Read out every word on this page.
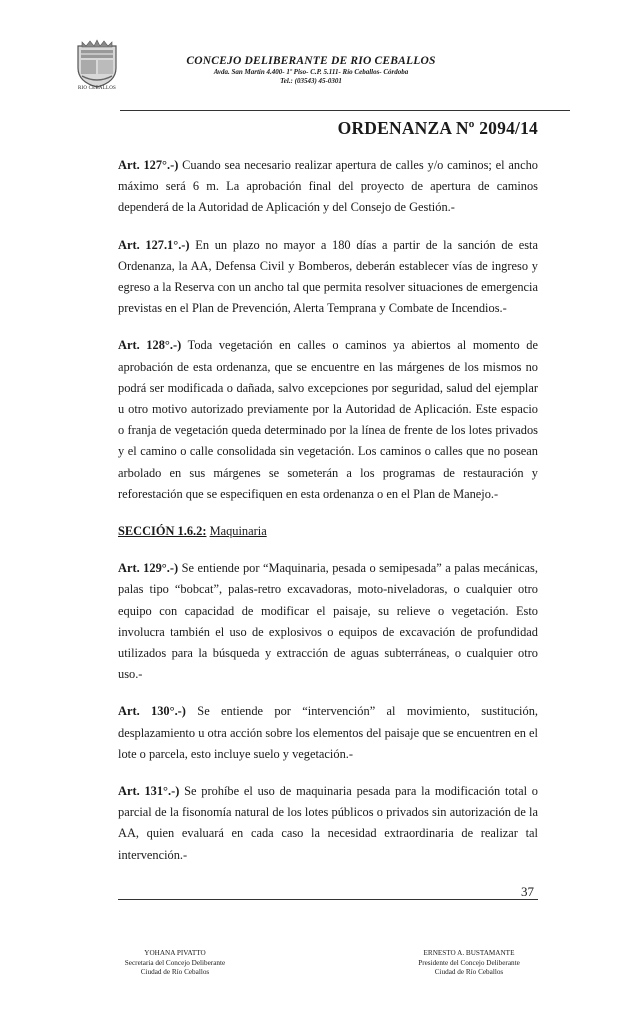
RIO CEBALLOS
CONCEJO DELIBERANTE DE RIO CEBALLOS
Avda. San Martín 4.400- 1º Piso- C.P. 5.111- Río Ceballos- Córdoba
Tel.: (03543) 45-0301
ORDENANZA Nº 2094/14

Art. 127°.-) Cuando sea necesario realizar apertura de calles y/o caminos; el ancho máximo será 6 m. La aprobación final del proyecto de apertura de caminos dependerá de la Autoridad de Aplicación y del Consejo de Gestión.-

Art. 127.1°.-) En un plazo no mayor a 180 días a partir de la sanción de esta Ordenanza, la AA, Defensa Civil y Bomberos, deberán establecer vías de ingreso y egreso a la Reserva con un ancho tal que permita resolver situaciones de emergencia previstas en el Plan de Prevención, Alerta Temprana y Combate de Incendios.-

Art. 128°.-) Toda vegetación en calles o caminos ya abiertos al momento de aprobación de esta ordenanza, que se encuentre en las márgenes de los mismos no podrá ser modificada o dañada, salvo excepciones por seguridad, salud del ejemplar u otro motivo autorizado previamente por la Autoridad de Aplicación. Este espacio o franja de vegetación queda determinado por la línea de frente de los lotes privados y el camino o calle consolidada sin vegetación. Los caminos o calles que no posean arbolado en sus márgenes se someterán a los programas de restauración y reforestación que se especifiquen en esta ordenanza o en el Plan de Manejo.-

SECCIÓN 1.6.2: Maquinaria

Art. 129°.-) Se entiende por “Maquinaria, pesada o semipesada” a palas mecánicas, palas tipo “bobcat”, palas-retro excavadoras, moto-niveladoras, o cualquier otro equipo con capacidad de modificar el paisaje, su relieve o vegetación. Esto involucra también el uso de explosivos o equipos de excavación de profundidad utilizados para la búsqueda y extracción de aguas subterráneas, o cualquier otro uso.-

Art. 130°.-) Se entiende por “intervención” al movimiento, sustitución, desplazamiento u otra acción sobre los elementos del paisaje que se encuentren en el lote o parcela, esto incluye suelo y vegetación.-

Art. 131°.-) Se prohíbe el uso de maquinaria pesada para la modificación total o parcial de la fisonomía natural de los lotes públicos o privados sin autorización de la AA, quien evaluará en cada caso la necesidad extraordinaria de realizar tal intervención.-

37
YOHANA PIVATTO
Secretaria del Concejo Deliberante
Ciudad de Río Ceballos
ERNESTO A. BUSTAMANTE
Presidente del Concejo Deliberante
Ciudad de Río Ceballos
